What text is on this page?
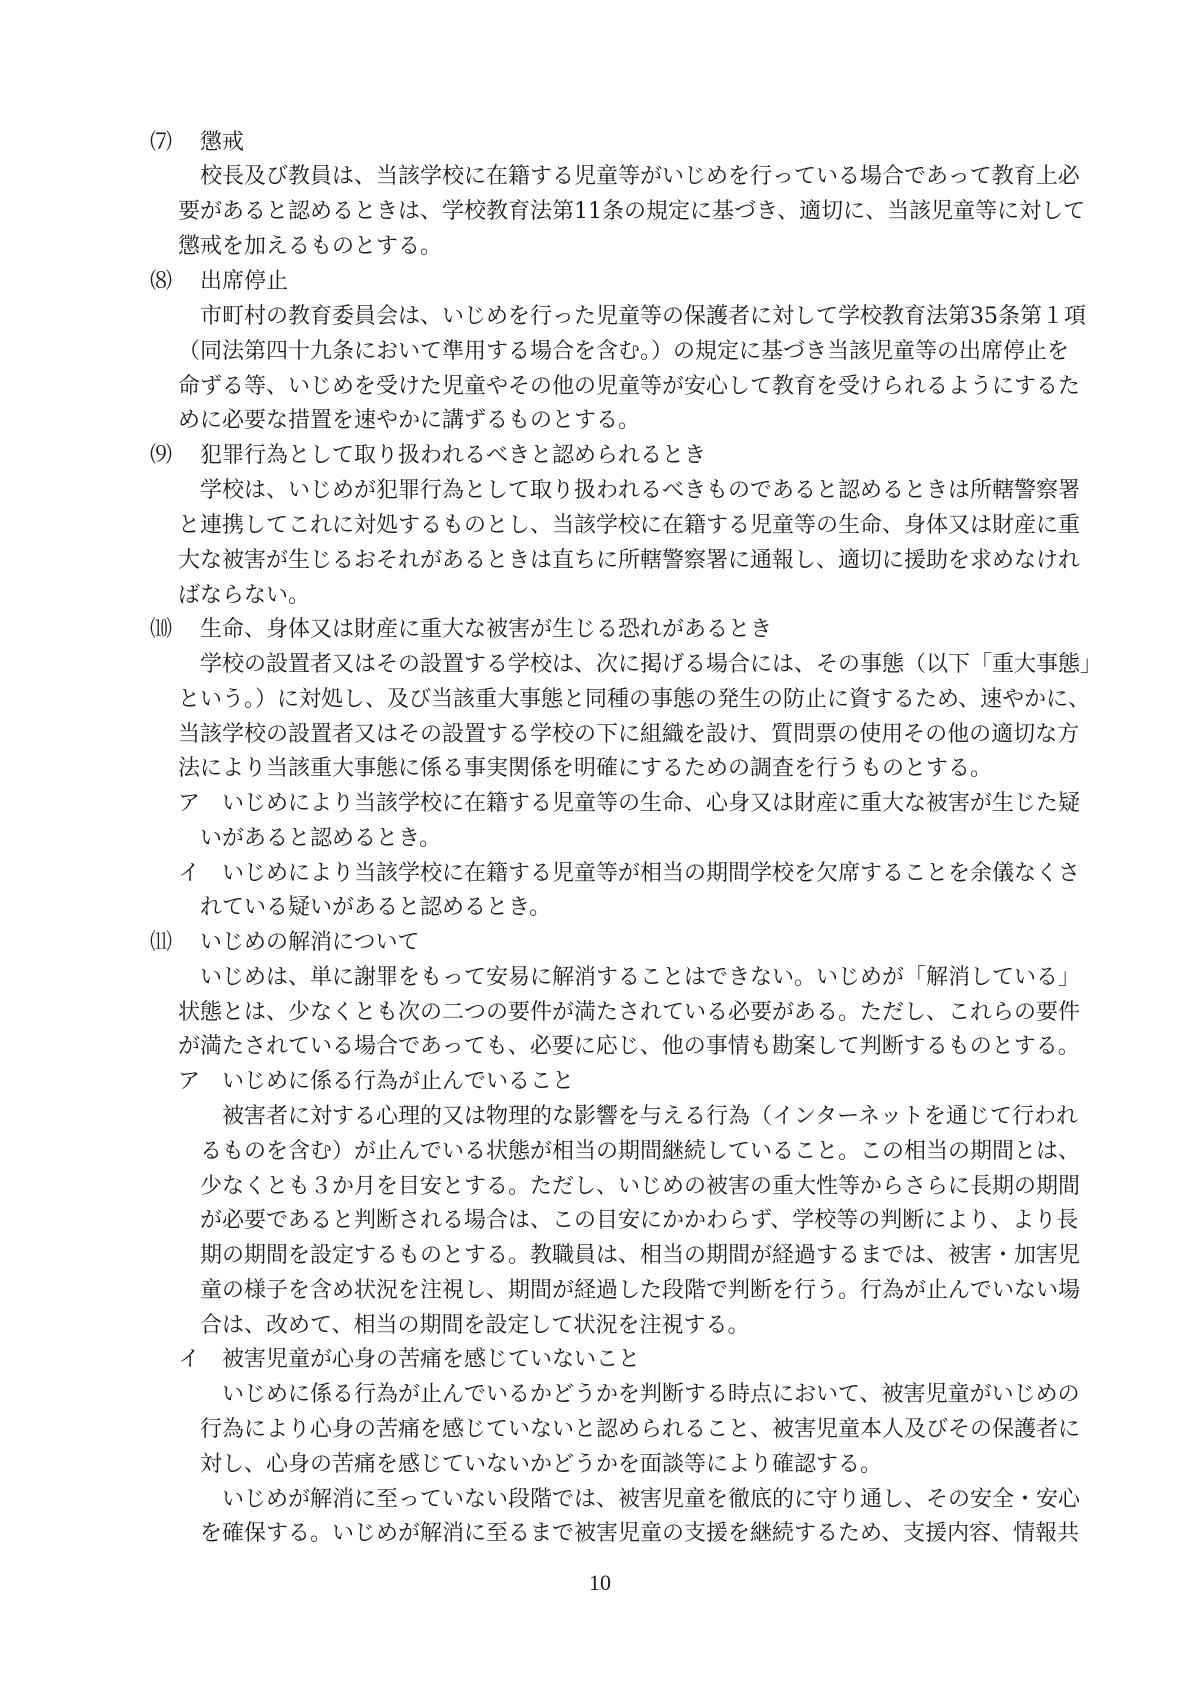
⑺ 懲戒
校長及び教員は、当該学校に在籍する児童等がいじめを行っている場合であって教育上必
要があると認めるときは、学校教育法第11条の規定に基づき、適切に、当該児童等に対して
懲戒を加えるものとする。
⑻ 出席停止
市町村の教育委員会は、いじめを行った児童等の保護者に対して学校教育法第35条第１項
（同法第四十九条において準用する場合を含む。）の規定に基づき当該児童等の出席停止を
命ずる等、いじめを受けた児童やその他の児童等が安心して教育を受けられるようにするた
めに必要な措置を速やかに講ずるものとする。
⑼ 犯罪行為として取り扱われるべきと認められるとき
学校は、いじめが犯罪行為として取り扱われるべきものであると認めるときは所轄警察署
と連携してこれに対処するものとし、当該学校に在籍する児童等の生命、身体又は財産に重
大な被害が生じるおそれがあるときは直ちに所轄警察署に通報し、適切に援助を求めなけれ
ばならない。
⑽ 生命、身体又は財産に重大な被害が生じる恐れがあるとき
学校の設置者又はその設置する学校は、次に掲げる場合には、その事態（以下「重大事態」
という。）に対処し、及び当該重大事態と同種の事態の発生の防止に資するため、速やかに、
当該学校の設置者又はその設置する学校の下に組織を設け、質問票の使用その他の適切な方
法により当該重大事態に係る事実関係を明確にするための調査を行うものとする。
ア いじめにより当該学校に在籍する児童等の生命、心身又は財産に重大な被害が生じた疑
いがあると認めるとき。
イ いじめにより当該学校に在籍する児童等が相当の期間学校を欠席することを余儀なくさ
れている疑いがあると認めるとき。
⑾ いじめの解消について
いじめは、単に謝罪をもって安易に解消することはできない。いじめが「解消している」
状態とは、少なくとも次の二つの要件が満たされている必要がある。ただし、これらの要件
が満たされている場合であっても、必要に応じ、他の事情も勘案して判断するものとする。
ア いじめに係る行為が止んでいること
被害者に対する心理的又は物理的な影響を与える行為（インターネットを通じて行われ
るものを含む）が止んでいる状態が相当の期間継続していること。この相当の期間とは、
少なくとも３か月を目安とする。ただし、いじめの被害の重大性等からさらに長期の期間
が必要であると判断される場合は、この目安にかかわらず、学校等の判断により、より長
期の期間を設定するものとする。教職員は、相当の期間が経過するまでは、被害・加害児
童の様子を含め状況を注視し、期間が経過した段階で判断を行う。行為が止んでいない場
合は、改めて、相当の期間を設定して状況を注視する。
イ 被害児童が心身の苦痛を感じていないこと
いじめに係る行為が止んでいるかどうかを判断する時点において、被害児童がいじめの
行為により心身の苦痛を感じていないと認められること、被害児童本人及びその保護者に
対し、心身の苦痛を感じていないかどうかを面談等により確認する。
いじめが解消に至っていない段階では、被害児童を徹底的に守り通し、その安全・安心
を確保する。いじめが解消に至るまで被害児童の支援を継続するため、支援内容、情報共
10
